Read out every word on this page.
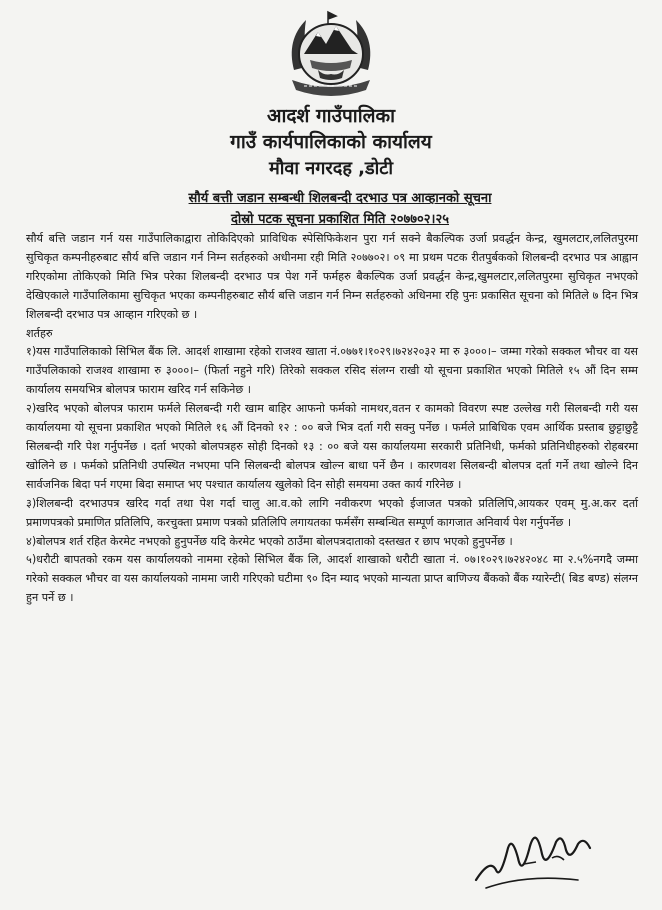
आदर्श गाउँपालिका
गाउँ कार्यपालिकाको कार्यालय
मौवा नगरदह ,डोटी
सौर्य बत्ती जडान सम्बन्धी शिलबन्दी दरभाउ पत्र आव्हानको सूचना
दोस्रो पटक सूचना प्रकाशित मिति २०७७०२।२५

सौर्य बत्ति जडान गर्न यस गाउँपालिकाद्वारा तोकिदिएको प्राविधिक स्पेसिफिकेशन पुरा गर्न सक्ने बैकल्पिक उर्जा प्रवर्द्धन केन्द्र, खुमलटार,ललितपुरमा सुचिकृत कम्पनीहरुबाट सौर्य बत्ति जडान गर्न निम्न सर्तहरुको अधीनमा रही मिति २०७७०२। ०९ मा प्रथम पटक रीतपुर्बकको शिलबन्दी दरभाउ पत्र आह्वान गरिएकोमा तोकिएको मिति भित्र परेका शिलबन्दी दरभाउ पत्र पेश गर्ने फर्महरु बैकल्पिक उर्जा प्रवर्द्धन केन्द्र,खुमलटार,ललितपुरमा सुचिकृत नभएको देखिएकाले गाउँपालिकामा सुचिकृत भएका कम्पनीहरुबाट सौर्य बत्ति जडान गर्न निम्न सर्तहरुको अधिनमा रहि पुनः प्रकासित सूचना को मितिले ७ दिन भित्र शिलबन्दी दरभाउ पत्र आव्हान गरिएको छ ।

शर्तहरु

१)यस गाउँपालिकाको सिभिल बैंक लि. आदर्श शाखामा रहेको राजश्व खाता नं.०७७१।१०२९।७२४२०३२ मा रु ३०००।– जम्मा गरेको सक्कल भौचर वा यस गाउँपलिकाको राजश्व शाखामा रु ३०००।– (फिर्ता नहुने गरि) तिरेको सक्कल रसिद संलग्न राखी यो सूचना प्रकाशित भएको मितिले १५ औं दिन सम्म कार्यालय समयभित्र बोलपत्र फाराम खरिद गर्न सकिनेछ ।

२)खरिद भएको बोलपत्र फाराम फर्मले सिलबन्दी गरी खाम बाहिर आफनो फर्मको नामथर,वतन र कामको विवरण स्पष्ट उल्लेख गरी सिलबन्दी गरी यस कार्यालयमा यो सूचना प्रकाशित भएको मितिले १६ औं दिनको १२ : ०० बजे भित्र दर्ता गरी सक्नु पर्नेछ । फर्मले प्राबिधिक एवम आर्थिक प्रस्ताब छुट्टाछुट्टै सिलबन्दी गरि पेश गर्नुपर्नेछ । दर्ता भएको बोलपत्रहरु सोही दिनको १३ : ०० बजे यस कार्यालयमा सरकारी प्रतिनिधी, फर्मको प्रतिनिधीहरुको रोहबरमा खोलिने छ । फर्मको प्रतिनिधी उपस्थित नभएमा पनि सिलबन्दी बोलपत्र खोल्न बाधा पर्ने छैन । कारणवश सिलबन्दी बोलपत्र दर्ता गर्ने तथा खोल्ने दिन सार्वजनिक बिदा पर्न गएमा बिदा समाप्त भए पश्चात कार्यालय खुलेको दिन सोही समयमा उक्त कार्य गरिनेछ ।

३)शिलबन्दी दरभाउपत्र खरिद गर्दा तथा पेश गर्दा चालु आ.व.को लागि नवीकरण भएको ईजाजत पत्रको प्रतिलिपि,आयकर एवम् मु.अ.कर दर्ता प्रमाणपत्रको प्रमाणित प्रतिलिपि, करचुक्ता प्रमाण पत्रको प्रतिलिपि लगायतका फर्मसँग सम्बन्धित सम्पूर्ण कागजात अनिवार्य पेश गर्नुपर्नेछ ।

४)बोलपत्र शर्त रहित केरमेट नभएको हुनुपर्नेछ यदि केरमेट भएको ठाउँमा बोलपत्रदाताको दस्तखत र छाप भएको हुनुपर्नेछ ।

५)धरौटी बापतको रकम यस कार्यालयको नाममा रहेको सिभिल बैंक लि, आदर्श शाखाको धरौटी खाता नं. ०७।१०२९।७२४२०४८ मा २.५%नगदै जम्मा गरेको सक्कल भौचर वा यस कार्यालयको नाममा जारी गरिएको घटीमा ९० दिन म्याद भएको मान्यता प्राप्त बाणिज्य बैंकको बैंक ग्यारेन्टी( बिड बण्ड) संलग्न हुन पर्ने छ ।
